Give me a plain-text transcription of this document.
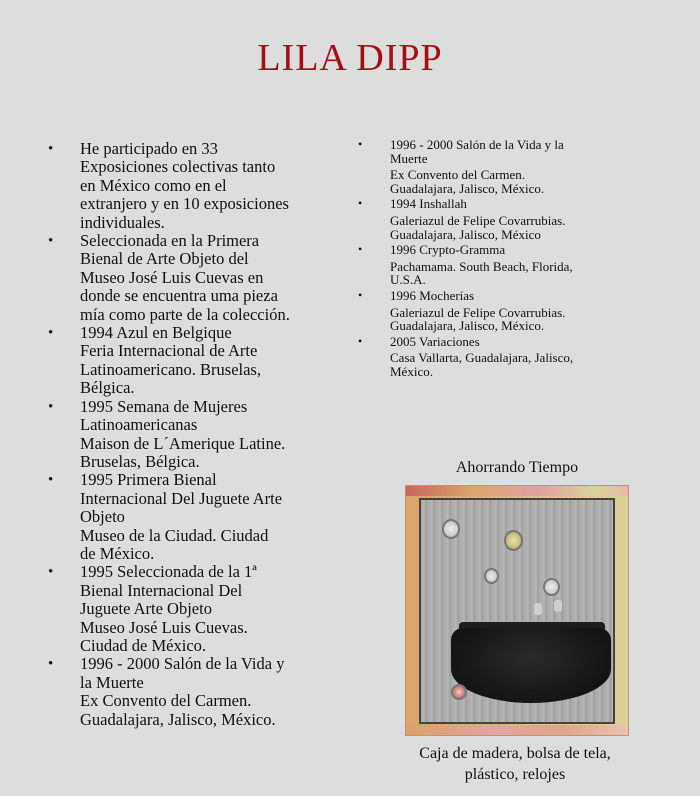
LILA DIPP
• He participado en 33
Exposiciones colectivas tanto
en México como en el
extranjero y en 10 exposiciones
individuales.
• Seleccionada en la Primera
Bienal de Arte Objeto del
Museo José Luis Cuevas en
donde se encuentra uma pieza
mía como parte de la colección.
• 1994 Azul en Belgique
Feria Internacional de Arte
Latinoamericano. Bruselas,
Bélgica.
• 1995 Semana de Mujeres
Latinoamericanas
Maison de L´Amerique Latine.
Bruselas, Bélgica.
• 1995 Primera Bienal
Internacional Del Juguete Arte
Objeto
Museo de la Ciudad. Ciudad
de México.
• 1995 Seleccionada de la 1ª
Bienal Internacional Del
Juguete Arte Objeto
Museo José Luis Cuevas.
Ciudad de México.
• 1996 - 2000 Salón de la Vida y
la Muerte
Ex Convento del Carmen.
Guadalajara, Jalisco, México.
• 1996 - 2000 Salón de la Vida y la
Muerte
Ex Convento del Carmen.
Guadalajara, Jalisco, México.
• 1994 Inshallah
Galeriazul de Felipe Covarrubias.
Guadalajara, Jalisco, México
• 1996 Crypto-Gramma
Pachamama. South Beach, Florida,
U.S.A.
• 1996 Mocherías
Galeriazul de Felipe Covarrubias.
Guadalajara, Jalisco, México.
• 2005 Variaciones
Casa Vallarta, Guadalajara, Jalisco,
México.

Ahorrando Tiempo

Caja de madera, bolsa de tela,
plástico, relojes
